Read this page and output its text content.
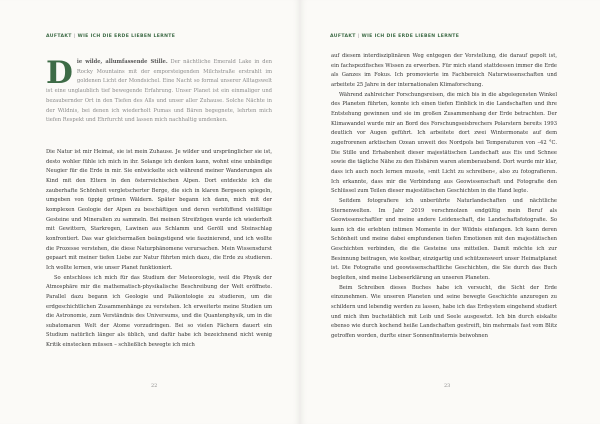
AUFTAKT | WIE ICH DIE ERDE LIEBEN LERNTE
Die wilde, allumfassende Stille. Der nächtliche Emerald Lake in den Rocky Mountains mit der emporsteigenden Milchstraße erstrahlt im goldenen Licht der Mondsichel. Eine Nacht so formal unserer Alltagswelt ist eine unglaublich tief bewegende Erfahrung. Unser Planet ist ein einmaliger und bezaubernder Ort in den Tiefen des Alls und unser aller Zuhause. Solche Nächte in der Wildnis, bei denen ich wiederholt Pumas und Bären begegnete, lehrten mich tiefen Respekt und Ehrfurcht und lassen mich nachhaltig umdenken.

Die Natur ist mir Heimat, sie ist mein Zuhause. Je wilder und ursprünglicher sie ist, desto wohler fühle ich mich in ihr. Solange ich denken kann, wohnt eine unbändige Neugier für die Erde in mir. Sie entwickelte sich während meiner Wanderungen als Kind mit den Eltern in den österreichischen Alpen. Dort entdeckte ich die zauberhafte Schönheit vergletscherter Berge, die sich in klaren Bergseen spiegeln, umgeben von üppig grünen Wäldern. Später begann ich dann, mich mit der komplexen Geologie der Alpen zu beschäftigen und deren verblüffend vielfältige Gesteine und Mineralien zu sammeln. Bei meinen Streifzügen wurde ich wiederholt mit Gewittern, Starkregen, Lawinen aus Schlamm und Geröll und Steinschlag konfrontiert. Das war gleichermaßen beängstigend wie faszinierend, und ich wollte die Prozesse verstehen, die diese Naturphänomene verursachen. Mein Wissensdurst gepaart mit meiner tiefen Liebe zur Natur führten mich dazu, die Erde zu studieren. Ich wollte lernen, wie unser Planet funktioniert.

So entschloss ich mich für das Studium der Meteorologie, weil die Physik der Atmosphäre mir die mathematisch-physikalische Beschreibung der Welt eröffnete. Parallel dazu begann ich Geologie und Paläontologie zu studieren, um die erdgeschichtlichen Zusammenhänge zu verstehen. Ich erweiterte meine Studien um die Astronomie, zum Verständnis des Universums, und die Quantenphysik, um in die subatomaren Welt der Atome vorzudringen. Bei so vielen Fächern dauert ein Studium natürlich länger als üblich, und dafür habe ich bezeichnend nicht wenig Kritik einstecken müssen – schließlich bewegte ich mich

22	23
AUFTAKT | WIE ICH DIE ERDE LIEBEN LERNTE

auf diesem interdisziplinären Weg entgegen der Vorstellung, die darauf gepolt ist, ein fachspezifisches Wissen zu erwerben. Für mich stand stattdessen immer die Erde als Ganzes im Fokus. Ich promovierte im Fachbereich Naturwissenschaften und arbeitete 25 Jahre in der internationalen Klimaforschung.

Während zahlreicher Forschungsreisen, die mich bis in die abgelegensten Winkel des Planeten führten, konnte ich einen tiefen Einblick in die Landschaften und ihre Entstehung gewinnen und sie im großen Zusammenhang der Erde betrachten. Der Klimawandel wurde mir an Bord des Forschungseisbrechers Polarstern bereits 1993 deutlich vor Augen geführt. Ich arbeitete dort zwei Wintermonate auf dem zugefrorenen arktischen Ozean unweit des Nordpols bei Temperaturen von –42 °C. Die Stille und Erhabenheit dieser majestätischen Landschaft aus Eis und Schnee sowie die tägliche Nähe zu den Eisbären waren atemberaubend. Dort wurde mir klar, dass ich auch noch lernen musste, »mit Licht zu schreiben«, also zu fotografieren. Ich erkannte, dass mir die Verbindung aus Geowissenschaft und Fotografie den Schlüssel zum Teilen dieser majestätischen Geschichten in die Hand legte.

Seitdem fotografiere ich unberührte Naturlandschaften und nächtliche Sternenwelten. Im Jahr 2019 verschmolzen endgültig mein Beruf als Geowissenschaftler und meine andere Leidenschaft, die Landschaftsfotografie. So kann ich die erlebten intimen Momente in der Wildnis einfangen. Ich kann deren Schönheit und meine dabei empfundenen tiefen Emotionen mit den majestätischen Geschichten verbinden, die die Gesteine uns mitteilen. Damit möchte ich zur Besinnung beitragen, wie kostbar, einzigartig und schützenswert unser Heimatplanet ist. Die Fotografie und geowissenschaftliche Geschichten, die Sie durch das Buch begleiten, sind meine Liebeserklärung an unseren Planeten.

Beim Schreiben dieses Buches habe ich versucht, die Sicht der Erde einzunehmen. Wie unseren Planeten und seine bewegte Geschichte anzuregen zu schildern und lebendig werden zu lassen, habe ich das Erdsystem eingehend studiert und mich ihm buchstäblich mit Leib und Seele ausgesetzt. Ich bin durch eiskalte ebenso wie durch kochend heiße Landschaften gestreift, bin mehrmals fast vom Blitz getroffen worden, durfte einer Sonnenfinsternis beiwohnen
